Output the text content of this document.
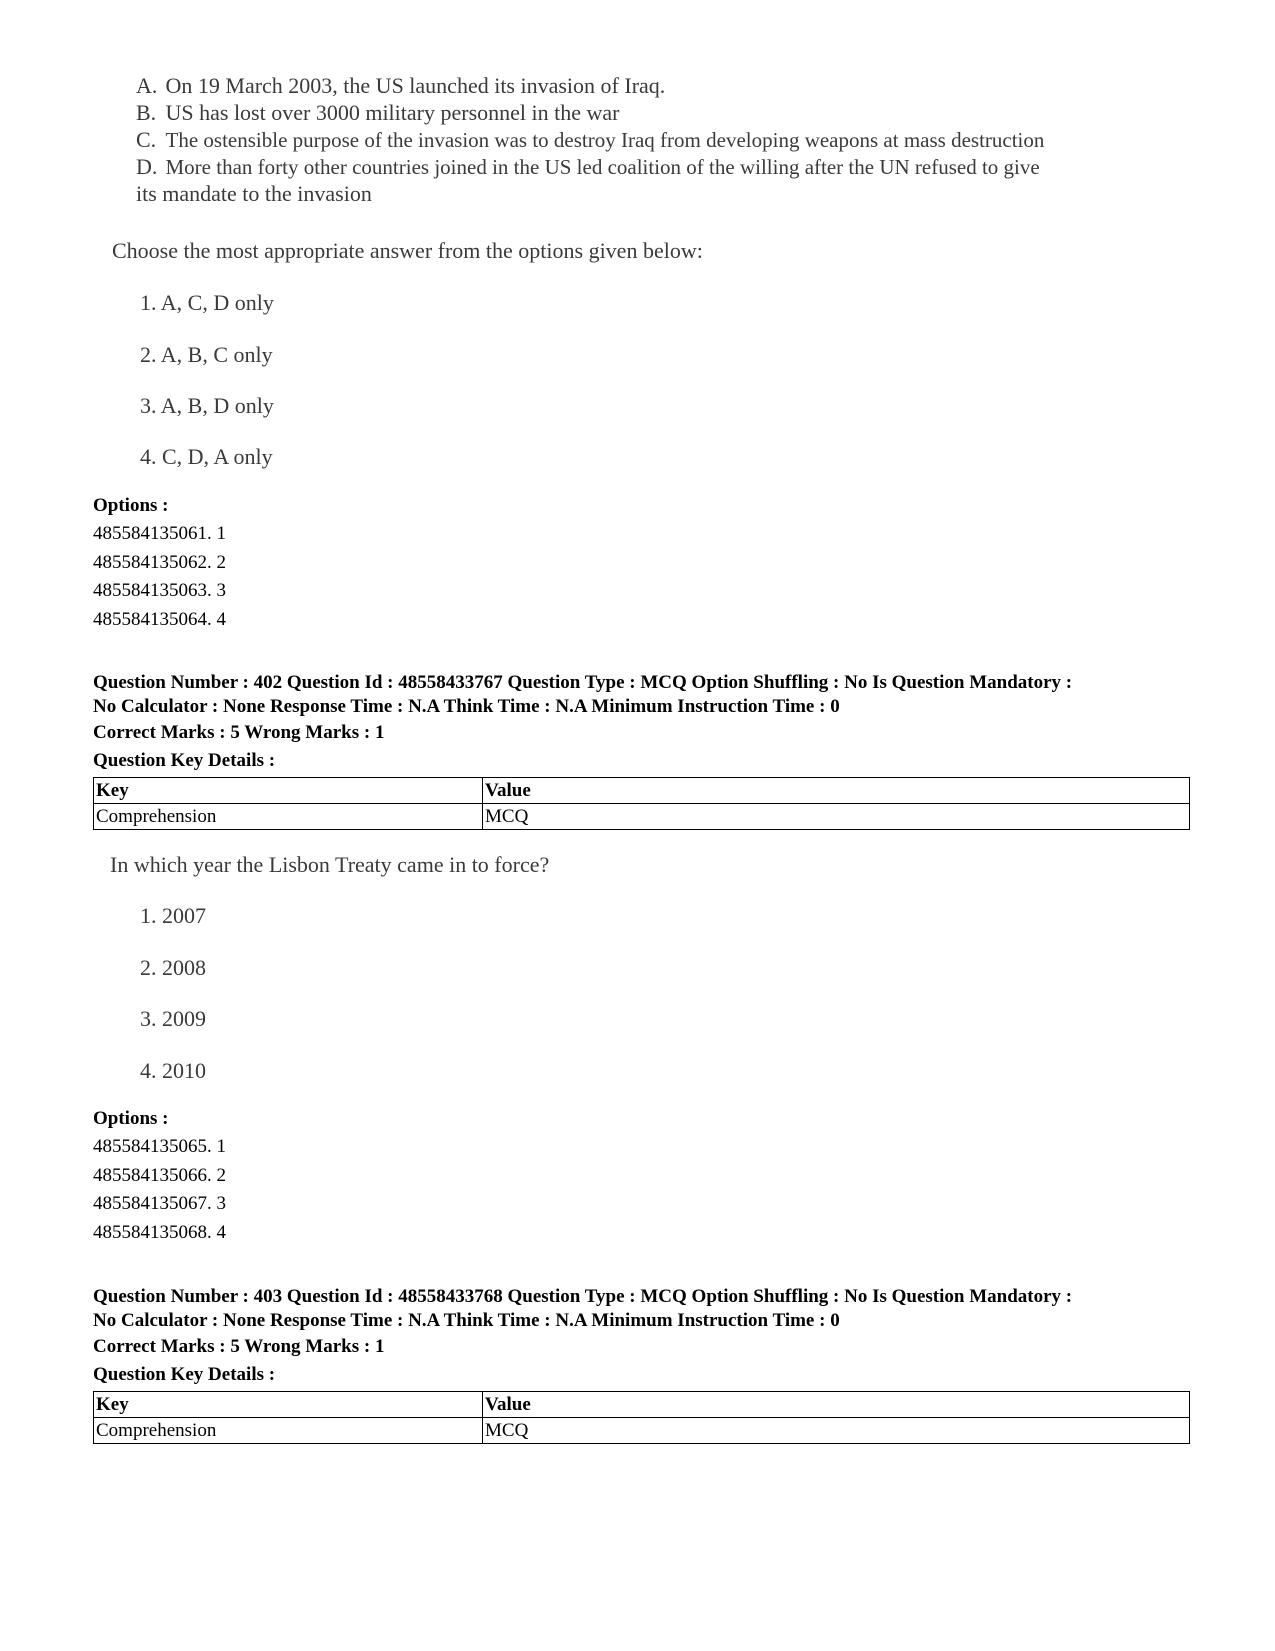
A. On 19 March 2003, the US launched its invasion of Iraq.
B. US has lost over 3000 military personnel in the war
C. The ostensible purpose of the invasion was to destroy Iraq from developing weapons at mass destruction
D. More than forty other countries joined in the US led coalition of the willing after the UN refused to give
its mandate to the invasion
Choose the most appropriate answer from the options given below:
1. A, C, D only
2. A, B, C only
3. A, B, D only
4. C, D, A only
Options :
485584135061. 1
485584135062. 2
485584135063. 3
485584135064. 4
Question Number : 402 Question Id : 48558433767 Question Type : MCQ Option Shuffling : No Is Question Mandatory :
No Calculator : None Response Time : N.A Think Time : N.A Minimum Instruction Time : 0
Correct Marks : 5 Wrong Marks : 1
Question Key Details :
Key	Value
Comprehension	MCQ
In which year the Lisbon Treaty came in to force?
1. 2007
2. 2008
3. 2009
4. 2010
Options :
485584135065. 1
485584135066. 2
485584135067. 3
485584135068. 4
Question Number : 403 Question Id : 48558433768 Question Type : MCQ Option Shuffling : No Is Question Mandatory :
No Calculator : None Response Time : N.A Think Time : N.A Minimum Instruction Time : 0
Correct Marks : 5 Wrong Marks : 1
Question Key Details :
Key	Value
Comprehension	MCQ
